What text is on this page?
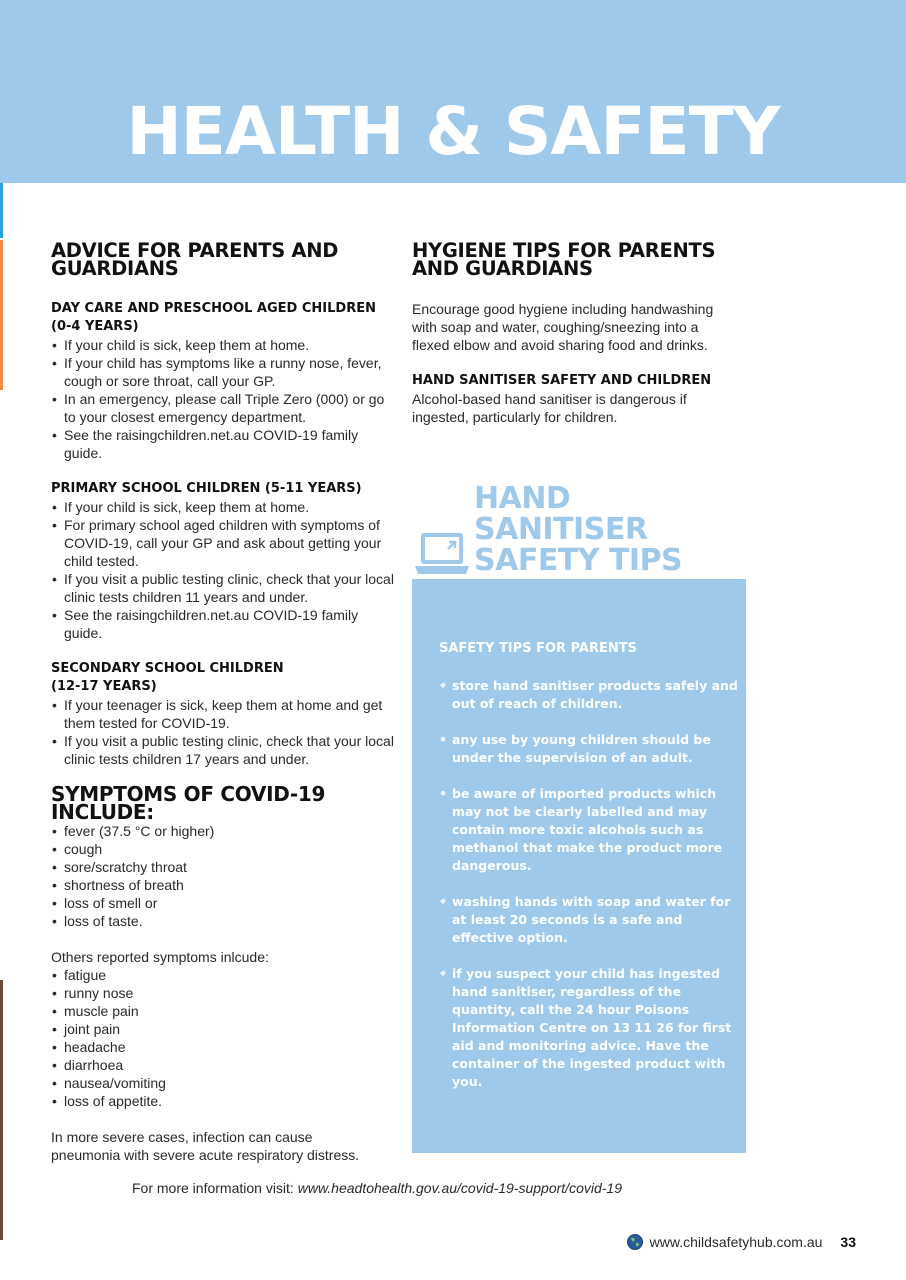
HEALTH & SAFETY
ADVICE FOR PARENTS AND GUARDIANS
DAY CARE AND PRESCHOOL AGED CHILDREN (0-4 YEARS)
• If your child is sick, keep them at home.
• If your child has symptoms like a runny nose, fever, cough or sore throat, call your GP.
• In an emergency, please call Triple Zero (000) or go to your closest emergency department.
• See the raisingchildren.net.au COVID-19 family guide.
PRIMARY SCHOOL CHILDREN (5-11 YEARS)
• If your child is sick, keep them at home.
• For primary school aged children with symptoms of COVID-19, call your GP and ask about getting your child tested.
• If you visit a public testing clinic, check that your local clinic tests children 11 years and under.
• See the raisingchildren.net.au COVID-19 family guide.
SECONDARY SCHOOL CHILDREN (12-17 YEARS)
• If your teenager is sick, keep them at home and get them tested for COVID-19.
• If you visit a public testing clinic, check that your local clinic tests children 17 years and under.
SYMPTOMS OF COVID-19 INCLUDE:
• fever (37.5 °C or higher)
• cough
• sore/scratchy throat
• shortness of breath
• loss of smell or
• loss of taste.

Others reported symptoms inlcude:

• fatigue
• runny nose
• muscle pain
• joint pain
• headache
• diarrhoea
• nausea/vomiting
• loss of appetite.

In more severe cases, infection can cause pneumonia with severe acute respiratory distress.

HYGIENE TIPS FOR PARENTS AND GUARDIANS

Encourage good hygiene including handwashing with soap and water, coughing/sneezing into a flexed elbow and avoid sharing food and drinks.

HAND SANITISER SAFETY AND CHILDREN

Alcohol-based hand sanitiser is dangerous if ingested, particularly for children.

HAND
SANITISER
SAFETY TIPS
SAFETY TIPS FOR PARENTS
• store hand sanitiser products safely and out of reach of children.
• any use by young children should be under the supervision of an adult.
• be aware of imported products which may not be clearly labelled and may contain more toxic alcohols such as methanol that make the product more dangerous.
• washing hands with soap and water for at least 20 seconds is a safe and effective option.
• if you suspect your child has ingested hand sanitiser, regardless of the quantity, call the 24 hour Poisons Information Centre on 13 11 26 for first aid and monitoring advice. Have the container of the ingested product with you.
For more information visit: www.headtohealth.gov.au/covid-19-support/covid-19
www.childsafetyhub.com.au 33
